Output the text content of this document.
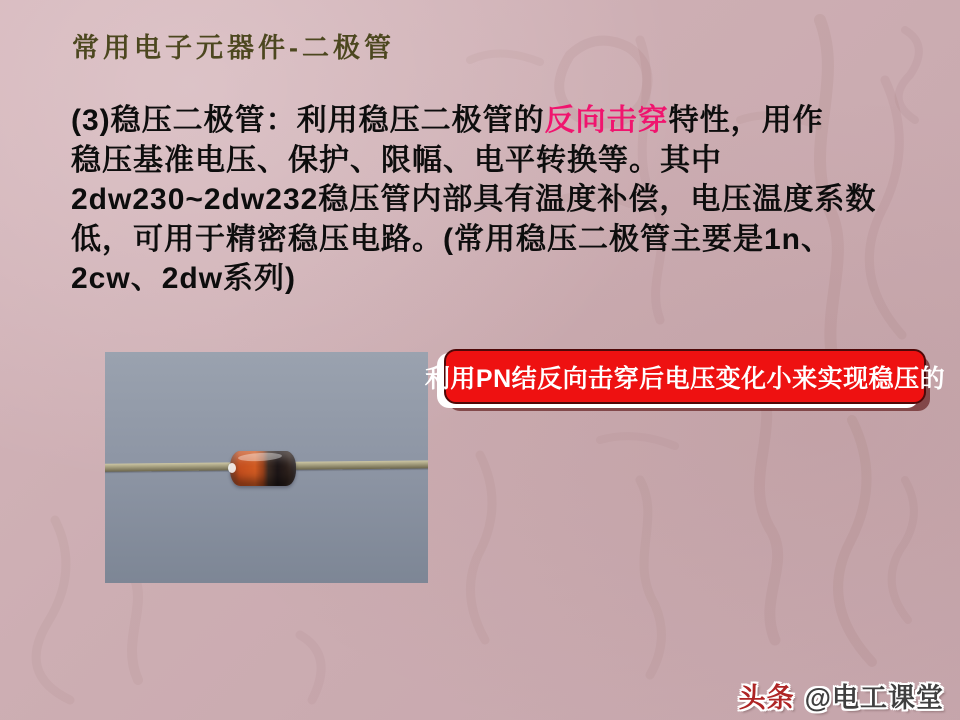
常用电子元器件-二极管
(3)稳压二极管：利用稳压二极管的反向击穿特性，用作
稳压基准电压、保护、限幅、电平转换等。其中
2dw230~2dw232稳压管内部具有温度补偿，电压温度系数
低，可用于精密稳压电路。(常用稳压二极管主要是1n、
2cw、2dw系列)
利用PN结反向击穿后电压变化小来实现稳压的
头条 @电工课堂
